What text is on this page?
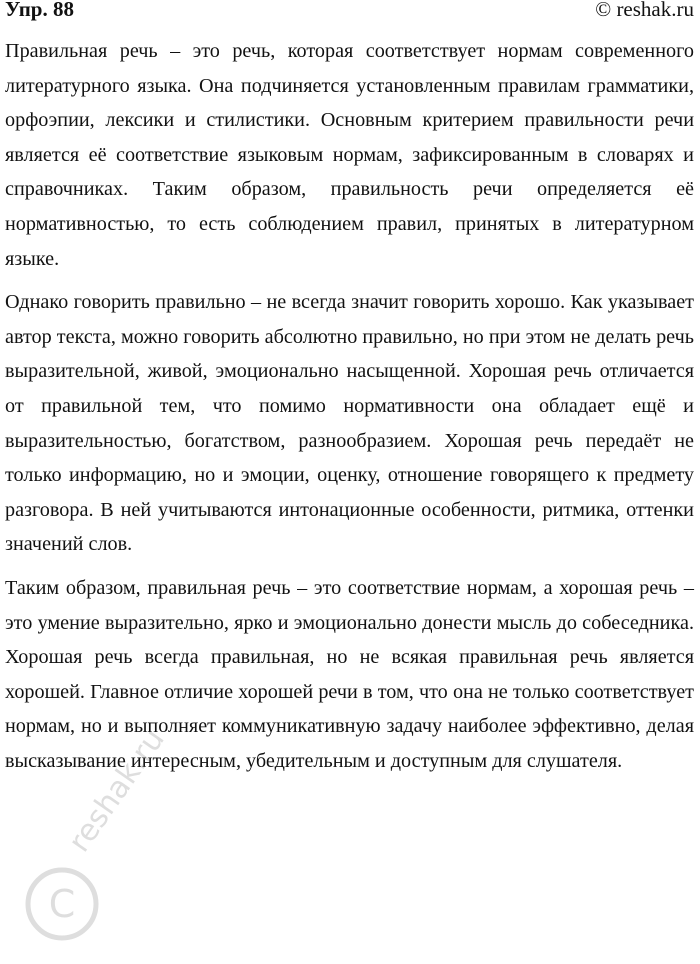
Упр. 88	© reshak.ru

Правильная речь – это речь, которая соответствует нормам современного литературного языка. Она подчиняется установленным правилам грамматики, орфоэпии, лексики и стилистики. Основным критерием правильности речи является её соответствие языковым нормам, зафиксированным в словарях и справочниках. Таким образом, правильность речи определяется её нормативностью, то есть соблюдением правил, принятых в литературном языке.

Однако говорить правильно – не всегда значит говорить хорошо. Как указывает автор текста, можно говорить абсолютно правильно, но при этом не делать речь выразительной, живой, эмоционально насыщенной. Хорошая речь отличается от правильной тем, что помимо нормативности она обладает ещё и выразительностью, богатством, разнообразием. Хорошая речь передаёт не только информацию, но и эмоции, оценку, отношение говорящего к предмету разговора. В ней учитываются интонационные особенности, ритмика, оттенки значений слов.

Таким образом, правильная речь – это соответствие нормам, а хорошая речь – это умение выразительно, ярко и эмоционально донести мысль до собеседника. Хорошая речь всегда правильная, но не всякая правильная речь является хорошей. Главное отличие хорошей речи в том, что она не только соответствует нормам, но и выполняет коммуникативную задачу наиболее эффективно, делая высказывание интересным, убедительным и доступным для слушателя.

C
reshak.ru
